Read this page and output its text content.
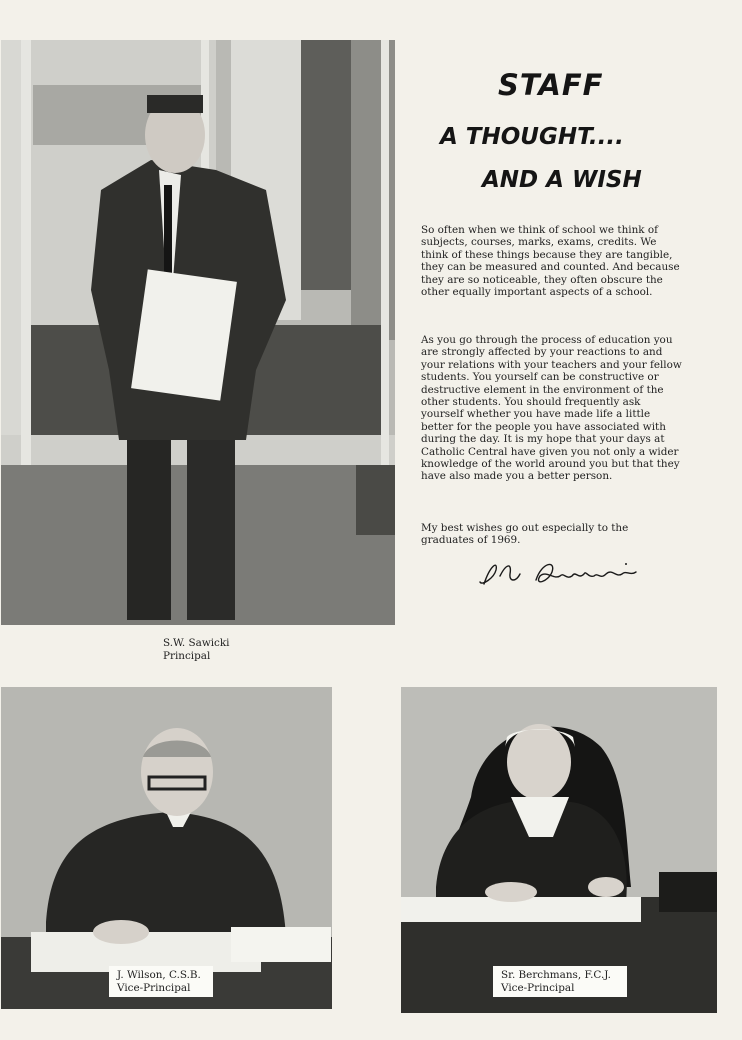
STAFF
A THOUGHT....
AND A WISH

So often when we think of school we think of subjects, courses, marks, exams, credits. We think of these things because they are tangible, they can be measured and counted. And because they are so noticeable, they often obscure the other equally important aspects of a school.

As you go through the process of education you are strongly affected by your reactions to and your relations with your teachers and your fellow students. You yourself can be constructive or destructive element in the environment of the other students. You should frequently ask yourself whether you have made life a little better for the people you have associated with during the day. It is my hope that your days at Catholic Central have given you not only a wider knowledge of the world around you but that they have also made you a better person.

My best wishes go out especially to the graduates of 1969.

S.W. Sawicki
Principal
J. Wilson, C.S.B.
Vice-Principal
Sr. Berchmans, F.C.J.
Vice-Principal
